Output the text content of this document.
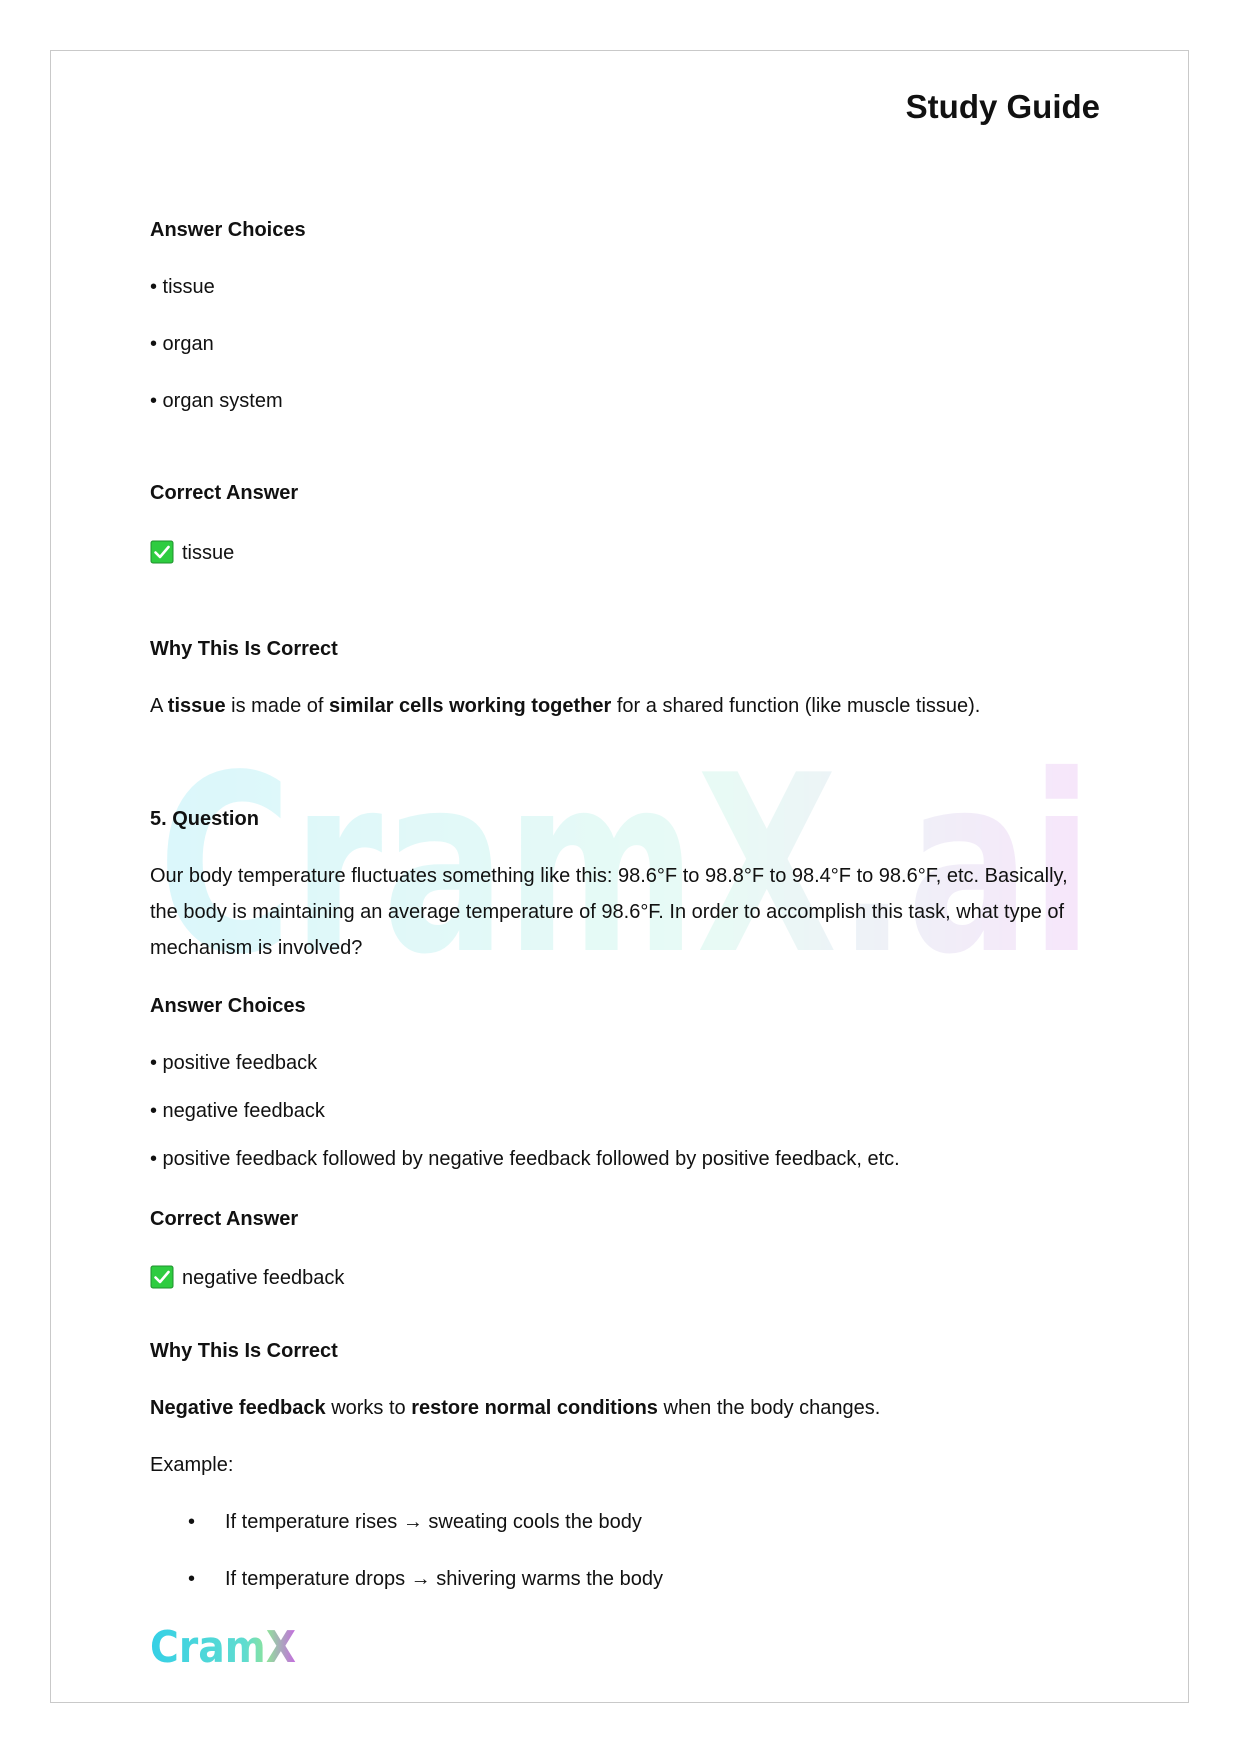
Study Guide
CramX.ai
Answer Choices
• tissue
• organ
• organ system
Correct Answer
tissue
Why This Is Correct
A tissue is made of similar cells working together for a shared function (like muscle tissue).
5. Question
Our body temperature fluctuates something like this: 98.6°F to 98.8°F to 98.4°F to 98.6°F, etc. Basically, the body is maintaining an average temperature of 98.6°F. In order to accomplish this task, what type of mechanism is involved?
Answer Choices
• positive feedback
• negative feedback
• positive feedback followed by negative feedback followed by positive feedback, etc.
Correct Answer
negative feedback
Why This Is Correct
Negative feedback works to restore normal conditions when the body changes.
Example:
• If temperature rises → sweating cools the body
• If temperature drops → shivering warms the body
CramX
